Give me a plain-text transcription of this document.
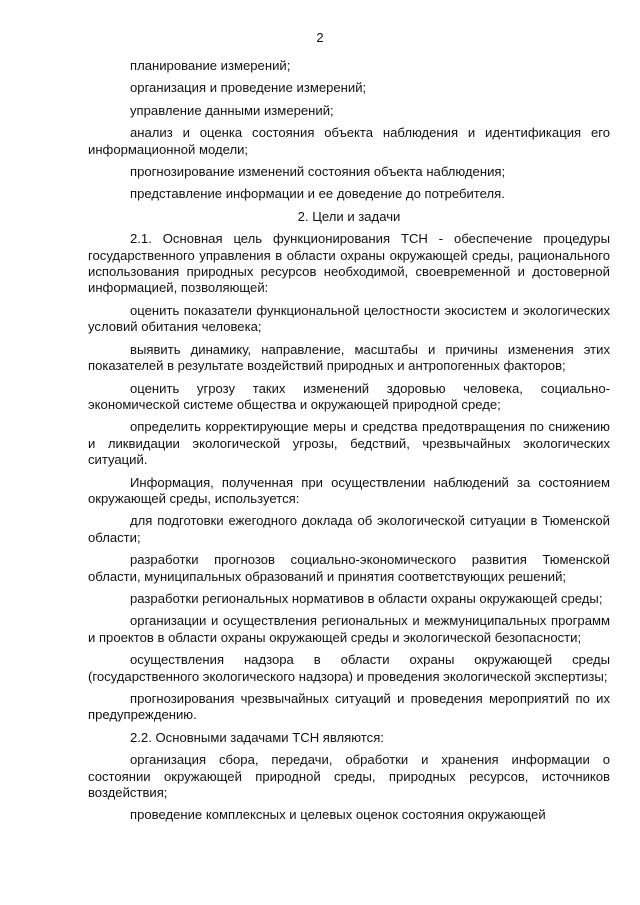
2

планирование измерений;

организация и проведение измерений;

управление данными измерений;

анализ и оценка состояния объекта наблюдения и идентификация его информационной модели;

прогнозирование изменений состояния объекта наблюдения;

представление информации и ее доведение до потребителя.

2. Цели и задачи

2.1. Основная цель функционирования ТСН - обеспечение процедуры государственного управления в области охраны окружающей среды, рационального использования природных ресурсов необходимой, своевременной и достоверной информацией, позволяющей:

оценить показатели функциональной целостности экосистем и экологических условий обитания человека;

выявить динамику, направление, масштабы и причины изменения этих показателей в результате воздействий природных и антропогенных факторов;

оценить угрозу таких изменений здоровью человека, социально-экономической системе общества и окружающей природной среде;

определить корректирующие меры и средства предотвращения по снижению и ликвидации экологической угрозы, бедствий, чрезвычайных экологических ситуаций.

Информация, полученная при осуществлении наблюдений за состоянием окружающей среды, используется:

для подготовки ежегодного доклада об экологической ситуации в Тюменской области;

разработки прогнозов социально-экономического развития Тюменской области, муниципальных образований и принятия соответствующих решений;

разработки региональных нормативов в области охраны окружающей среды;

организации и осуществления региональных и межмуниципальных программ и проектов в области охраны окружающей среды и экологической безопасности;

осуществления надзора в области охраны окружающей среды (государственного экологического надзора) и проведения экологической экспертизы;

прогнозирования чрезвычайных ситуаций и проведения мероприятий по их предупреждению.

2.2. Основными задачами ТСН являются:

организация сбора, передачи, обработки и хранения информации о состоянии окружающей природной среды, природных ресурсов, источников воздействия;

проведение комплексных и целевых оценок состояния окружающей
